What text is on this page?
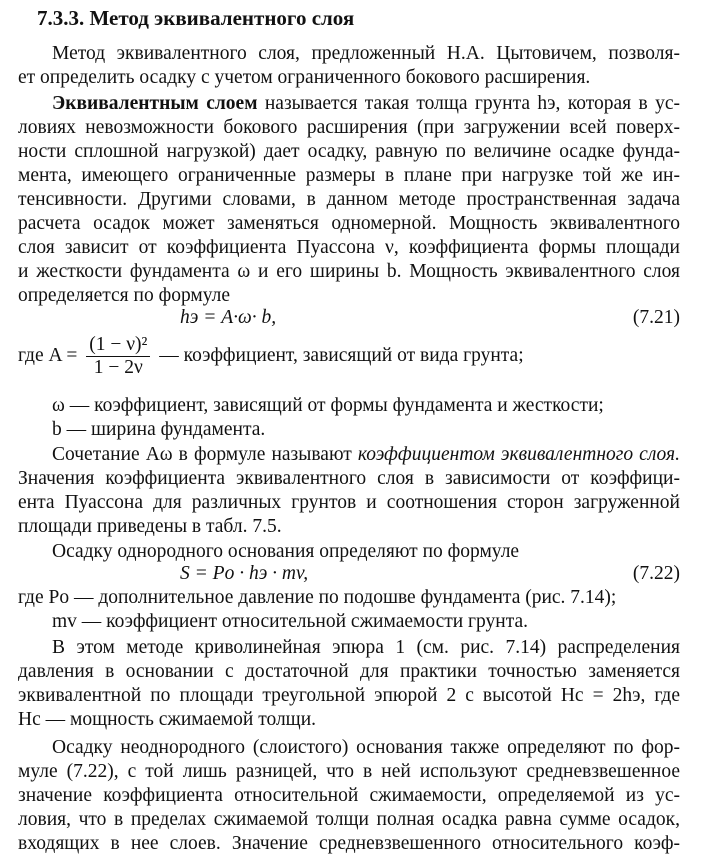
7.3.3. Метод эквивалентного слоя
Метод эквивалентного слоя, предложенный Н.А. Цытовичем, позволя-
ет определить осадку с учетом ограниченного бокового расширения.
Эквивалентным слоем называется такая толща грунта hэ, которая в ус-
ловиях невозможности бокового расширения (при загружении всей поверх-
ности сплошной нагрузкой) дает осадку, равную по величине осадке фунда-
мента, имеющего ограниченные размеры в плане при нагрузке той же ин-
тенсивности. Другими словами, в данном методе пространственная задача
расчета осадок может заменяться одномерной. Мощность эквивалентного
слоя зависит от коэффициента Пуассона ν, коэффициента формы площади
и жесткости фундамента ω и его ширины b. Мощность эквивалентного слоя
определяется по формуле
hэ = A·ω· b,	(7.21)
где $A = \frac{\text{(1 − ν)²}}{1 - 2\nu}$ — коэффициент, зависящий от вида грунта;
ω — коэффициент, зависящий от формы фундамента и жесткости;
b — ширина фундамента.
Сочетание Aω в формуле называют коэффициентом эквивалентного слоя.
Значения коэффициента эквивалентного слоя в зависимости от коэффици-
ента Пуассона для различных грунтов и соотношения сторон загруженной
площади приведены в табл. 7.5.
Осадку однородного основания определяют по формуле
S = Pо · hэ · mv,	(7.22)
где Pо — дополнительное давление по подошве фундамента (рис. 7.14);
mv — коэффициент относительной сжимаемости грунта.
В этом методе криволинейная эпюра 1 (см. рис. 7.14) распределения
давления в основании с достаточной для практики точностью заменяется
эквивалентной по площади треугольной эпюрой 2 с высотой Hс = 2hэ, где
Hс — мощность сжимаемой толщи.
Осадку неоднородного (слоистого) основания также определяют по фор-
муле (7.22), с той лишь разницей, что в ней используют средневзвешенное
значение коэффициента относительной сжимаемости, определяемой из ус-
ловия, что в пределах сжимаемой толщи полная осадка равна сумме осадок,
входящих в нее слоев. Значение средневзвешенного относительного коэф-
